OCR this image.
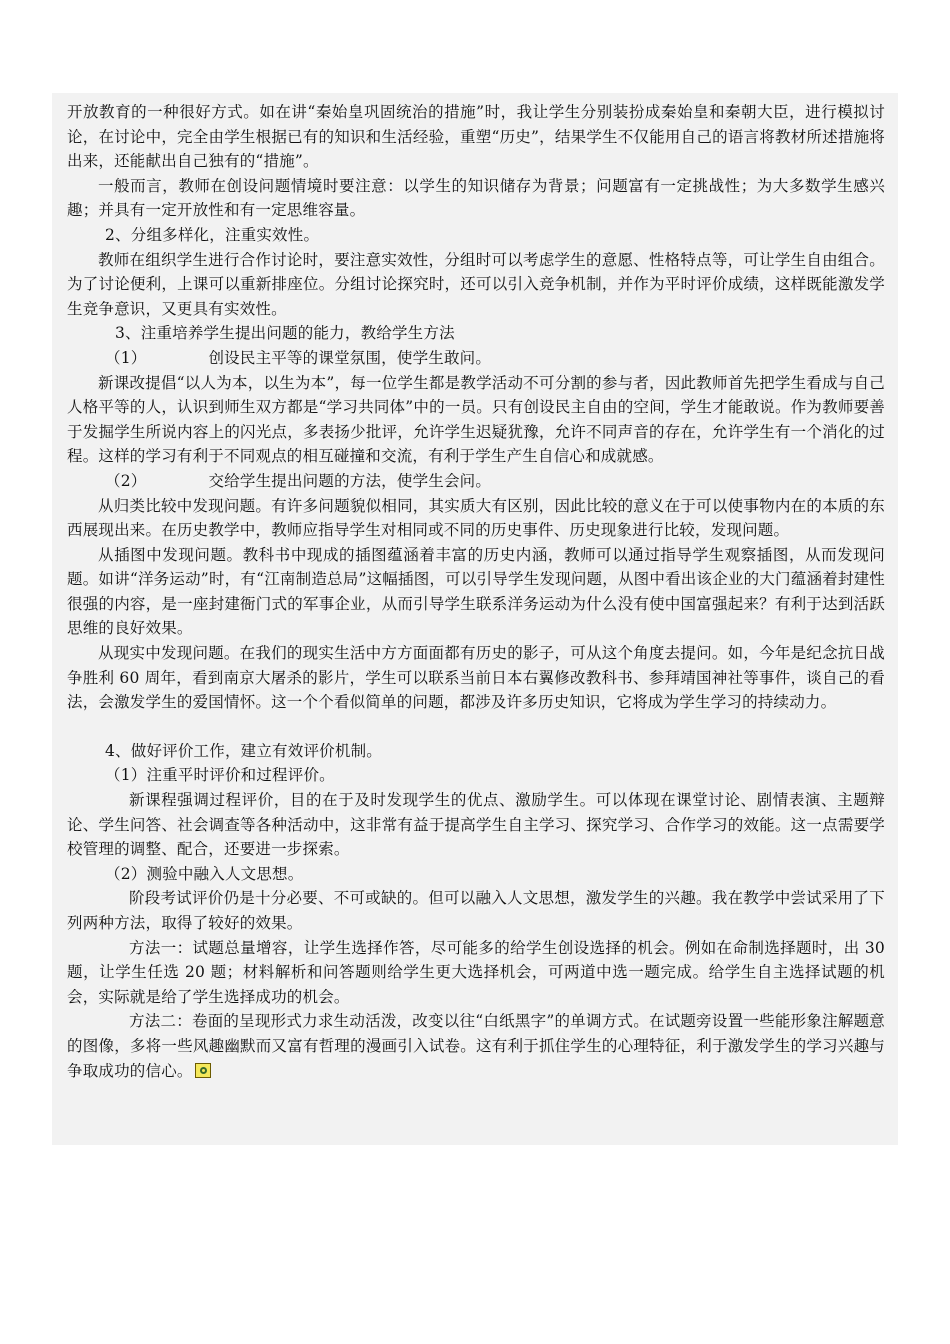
开放教育的一种很好方式。如在讲“秦始皇巩固统治的措施”时，我让学生分别装扮成秦始皇和秦朝大臣，进行模拟讨论，在讨论中，完全由学生根据已有的知识和生活经验，重塑“历史”，结果学生不仅能用自己的语言将教材所述措施将出来，还能献出自己独有的“措施”。

一般而言，教师在创设问题情境时要注意：以学生的知识储存为背景；问题富有一定挑战性；为大多数学生感兴趣；并具有一定开放性和有一定思维容量。

2、分组多样化，注重实效性。

教师在组织学生进行合作讨论时，要注意实效性，分组时可以考虑学生的意愿、性格特点等，可让学生自由组合。为了讨论便利，上课可以重新排座位。分组讨论探究时，还可以引入竞争机制，并作为平时评价成绩，这样既能激发学生竞争意识，又更具有实效性。

3、注重培养学生提出问题的能力，教给学生方法

（1）	创设民主平等的课堂氛围，使学生敢问。

新课改提倡“以人为本，以生为本”，每一位学生都是教学活动不可分割的参与者，因此教师首先把学生看成与自己人格平等的人，认识到师生双方都是“学习共同体”中的一员。只有创设民主自由的空间，学生才能敢说。作为教师要善于发掘学生所说内容上的闪光点，多表扬少批评，允许学生迟疑犹豫，允许不同声音的存在，允许学生有一个消化的过程。这样的学习有利于不同观点的相互碰撞和交流，有利于学生产生自信心和成就感。

（2）	交给学生提出问题的方法，使学生会问。

从归类比较中发现问题。有许多问题貌似相同，其实质大有区别，因此比较的意义在于可以使事物内在的本质的东西展现出来。在历史教学中，教师应指导学生对相同或不同的历史事件、历史现象进行比较，发现问题。

从插图中发现问题。教科书中现成的插图蕴涵着丰富的历史内涵，教师可以通过指导学生观察插图，从而发现问题。如讲“洋务运动”时，有“江南制造总局”这幅插图，可以引导学生发现问题，从图中看出该企业的大门蕴涵着封建性很强的内容，是一座封建衙门式的军事企业，从而引导学生联系洋务运动为什么没有使中国富强起来？有利于达到活跃思维的良好效果。

从现实中发现问题。在我们的现实生活中方方面面都有历史的影子，可从这个角度去提问。如，今年是纪念抗日战争胜利 60 周年，看到南京大屠杀的影片，学生可以联系当前日本右翼修改教科书、参拜靖国神社等事件，谈自己的看法，会激发学生的爱国情怀。这一个个看似简单的问题，都涉及许多历史知识，它将成为学生学习的持续动力。

4、做好评价工作，建立有效评价机制。

（1）注重平时评价和过程评价。

新课程强调过程评价，目的在于及时发现学生的优点、激励学生。可以体现在课堂讨论、剧情表演、主题辩论、学生问答、社会调查等各种活动中，这非常有益于提高学生自主学习、探究学习、合作学习的效能。这一点需要学校管理的调整、配合，还要进一步探索。

（2）测验中融入人文思想。

阶段考试评价仍是十分必要、不可或缺的。但可以融入人文思想，激发学生的兴趣。我在教学中尝试采用了下列两种方法，取得了较好的效果。

方法一：试题总量增容，让学生选择作答，尽可能多的给学生创设选择的机会。例如在命制选择题时，出 30 题，让学生任选 20 题；材料解析和问答题则给学生更大选择机会，可两道中选一题完成。给学生自主选择试题的机会，实际就是给了学生选择成功的机会。

方法二：卷面的呈现形式力求生动活泼，改变以往“白纸黑字”的单调方式。在试题旁设置一些能形象注解题意的图像，多将一些风趣幽默而又富有哲理的漫画引入试卷。这有利于抓住学生的心理特征，利于激发学生的学习兴趣与争取成功的信心。
